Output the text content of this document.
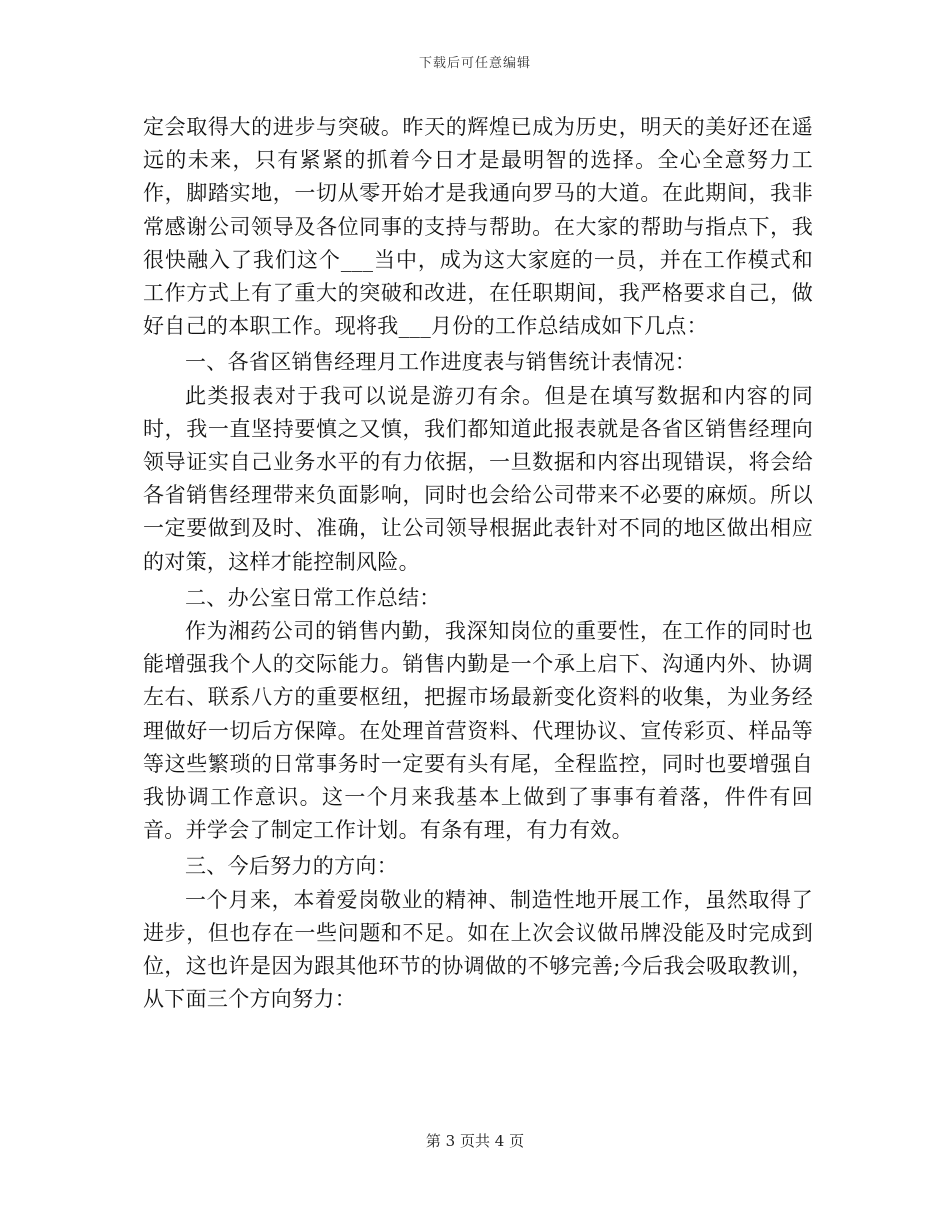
下载后可任意编辑

定会取得大的进步与突破。昨天的辉煌已成为历史，明天的美好还在遥远的未来，只有紧紧的抓着今日才是最明智的选择。全心全意努力工作，脚踏实地，一切从零开始才是我通向罗马的大道。在此期间，我非常感谢公司领导及各位同事的支持与帮助。在大家的帮助与指点下，我很快融入了我们这个___当中，成为这大家庭的一员，并在工作模式和工作方式上有了重大的突破和改进，在任职期间，我严格要求自己，做好自己的本职工作。现将我___月份的工作总结成如下几点：

一、各省区销售经理月工作进度表与销售统计表情况：

此类报表对于我可以说是游刃有余。但是在填写数据和内容的同时，我一直坚持要慎之又慎，我们都知道此报表就是各省区销售经理向领导证实自己业务水平的有力依据，一旦数据和内容出现错误，将会给各省销售经理带来负面影响，同时也会给公司带来不必要的麻烦。所以一定要做到及时、准确，让公司领导根据此表针对不同的地区做出相应的对策，这样才能控制风险。

二、办公室日常工作总结：

作为湘药公司的销售内勤，我深知岗位的重要性，在工作的同时也能增强我个人的交际能力。销售内勤是一个承上启下、沟通内外、协调左右、联系八方的重要枢纽，把握市场最新变化资料的收集，为业务经理做好一切后方保障。在处理首营资料、代理协议、宣传彩页、样品等等这些繁琐的日常事务时一定要有头有尾，全程监控，同时也要增强自我协调工作意识。这一个月来我基本上做到了事事有着落，件件有回音。并学会了制定工作计划。有条有理，有力有效。

三、今后努力的方向：

一个月来，本着爱岗敬业的精神、制造性地开展工作，虽然取得了进步，但也存在一些问题和不足。如在上次会议做吊牌没能及时完成到位，这也许是因为跟其他环节的协调做的不够完善;今后我会吸取教训，从下面三个方向努力：

第 3 页共 4 页
